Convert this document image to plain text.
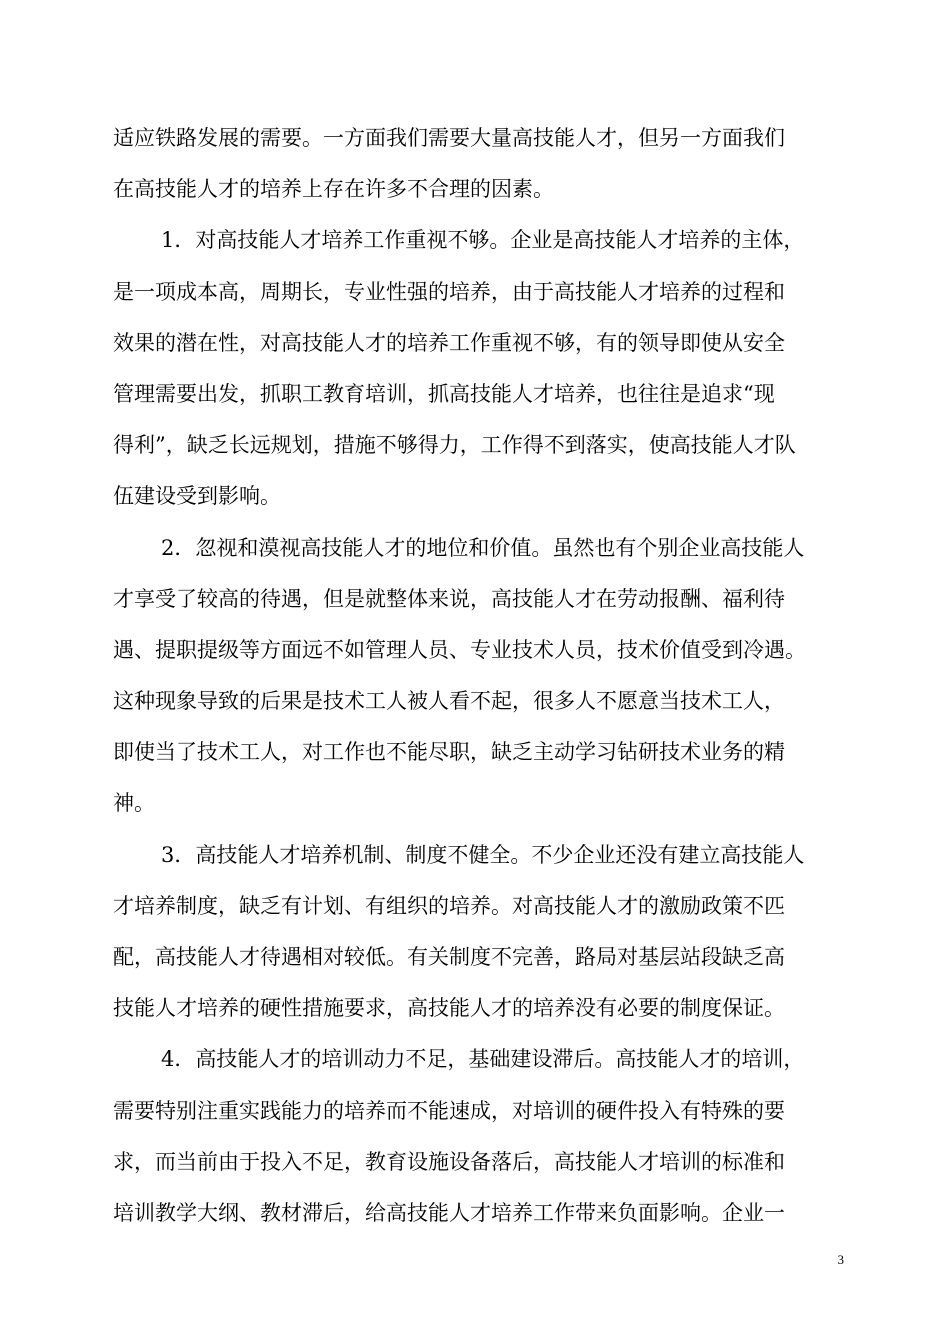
适应铁路发展的需要。一方面我们需要大量高技能人才，但另一方面我们
在高技能人才的培养上存在许多不合理的因素。

1．对高技能人才培养工作重视不够。企业是高技能人才培养的主体，
是一项成本高，周期长，专业性强的培养，由于高技能人才培养的过程和
效果的潜在性，对高技能人才的培养工作重视不够，有的领导即使从安全
管理需要出发，抓职工教育培训，抓高技能人才培养，也往往是追求“现
得利”，缺乏长远规划，措施不够得力，工作得不到落实，使高技能人才队
伍建设受到影响。

2．忽视和漠视高技能人才的地位和价值。虽然也有个别企业高技能人
才享受了较高的待遇，但是就整体来说，高技能人才在劳动报酬、福利待
遇、提职提级等方面远不如管理人员、专业技术人员，技术价值受到冷遇。
这种现象导致的后果是技术工人被人看不起，很多人不愿意当技术工人，
即使当了技术工人，对工作也不能尽职，缺乏主动学习钻研技术业务的精
神。

3．高技能人才培养机制、制度不健全。不少企业还没有建立高技能人
才培养制度，缺乏有计划、有组织的培养。对高技能人才的激励政策不匹
配，高技能人才待遇相对较低。有关制度不完善，路局对基层站段缺乏高
技能人才培养的硬性措施要求，高技能人才的培养没有必要的制度保证。

4．高技能人才的培训动力不足，基础建设滞后。高技能人才的培训，
需要特别注重实践能力的培养而不能速成，对培训的硬件投入有特殊的要
求，而当前由于投入不足，教育设施设备落后，高技能人才培训的标准和
培训教学大纲、教材滞后，给高技能人才培养工作带来负面影响。企业一

3
